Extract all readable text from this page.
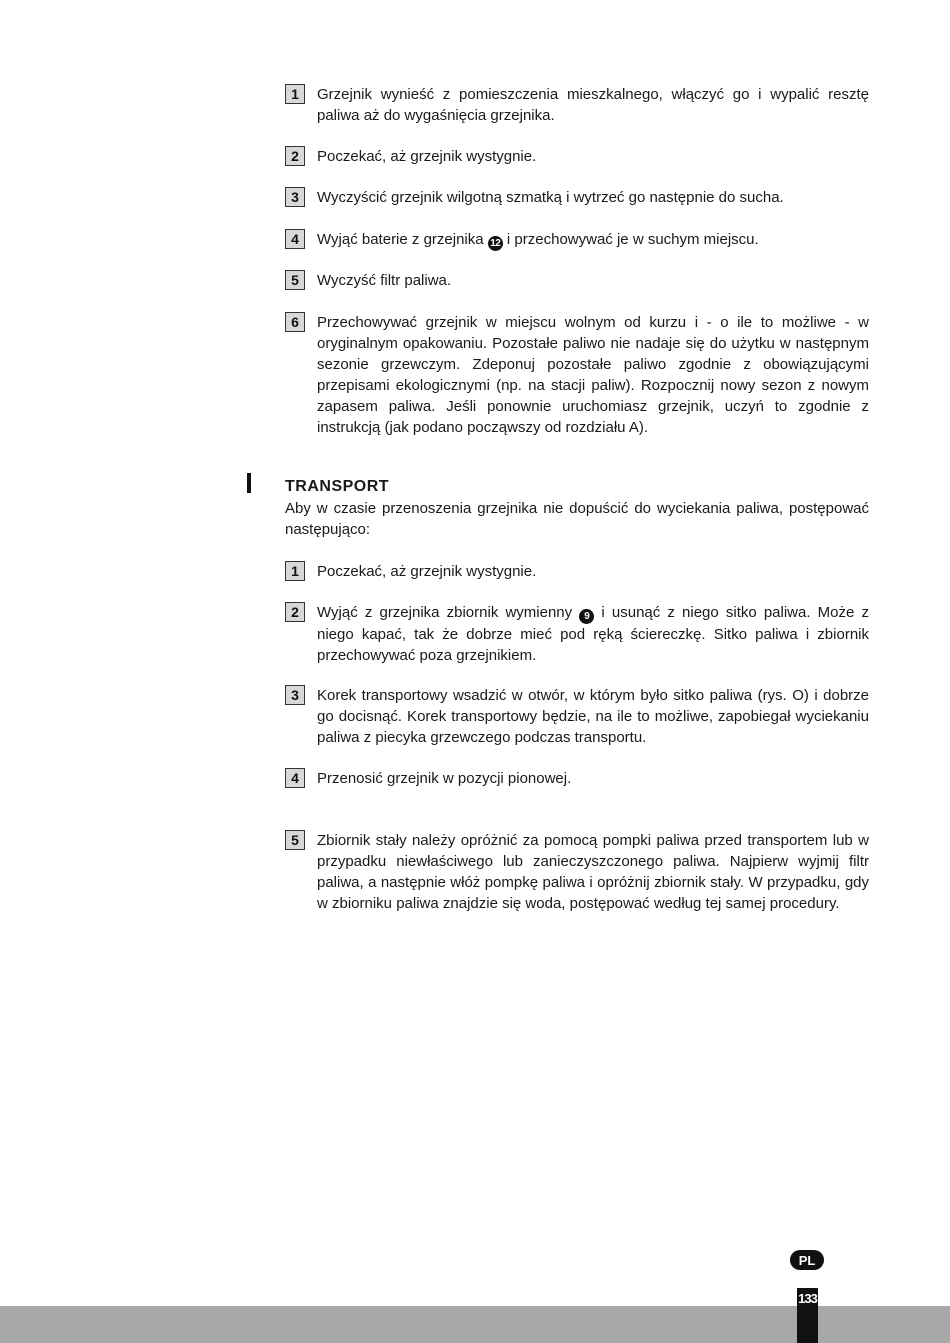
1	Grzejnik wynieść z pomieszczenia mieszkalnego, włączyć go i wypalić resztę paliwa aż do wygaśnięcia grzejnika.
2	Poczekać, aż grzejnik wystygnie.
3	Wyczyścić grzejnik wilgotną szmatką i wytrzeć go następnie do sucha.
4	Wyjąć baterie z grzejnika 12 i przechowywać je w suchym miejscu.
5	Wyczyść filtr paliwa.
6	Przechowywać grzejnik w miejscu wolnym od kurzu i - o ile to możliwe - w oryginalnym opakowaniu. Pozostałe paliwo nie nadaje się do użytku w następnym sezonie grzewczym. Zdeponuj pozostałe paliwo zgodnie z obowiązującymi przepisami ekologicznymi (np. na stacji paliw). Rozpocznij nowy sezon z nowym zapasem paliwa. Jeśli ponownie uruchomiasz grzejnik, uczyń to zgodnie z instrukcją (jak podano począwszy od rozdziału A).
TRANSPORT
Aby w czasie przenoszenia grzejnika nie dopuścić do wyciekania paliwa, postępować następująco:
1	Poczekać, aż grzejnik wystygnie.
2	Wyjąć z grzejnika zbiornik wymienny 9 i usunąć z niego sitko paliwa. Może z niego kapać, tak że dobrze mieć pod ręką ściereczkę. Sitko paliwa i zbiornik przechowywać poza grzejnikiem.
3	Korek transportowy wsadzić w otwór, w którym było sitko paliwa (rys. O) i dobrze go docisnąć. Korek transportowy będzie, na ile to możliwe, zapobiegał wyciekaniu paliwa z piecyka grzewczego podczas transportu.
4	Przenosić grzejnik w pozycji pionowej.
5	Zbiornik stały należy opróżnić za pomocą pompki paliwa przed transportem lub w przypadku niewłaściwego lub zanieczyszczonego paliwa. Najpierw wyjmij filtr paliwa, a następnie włóż pompkę paliwa i opróżnij zbiornik stały. W przypadku, gdy w zbiorniku paliwa znajdzie się woda, postępować według tej samej procedury.
PL
133
